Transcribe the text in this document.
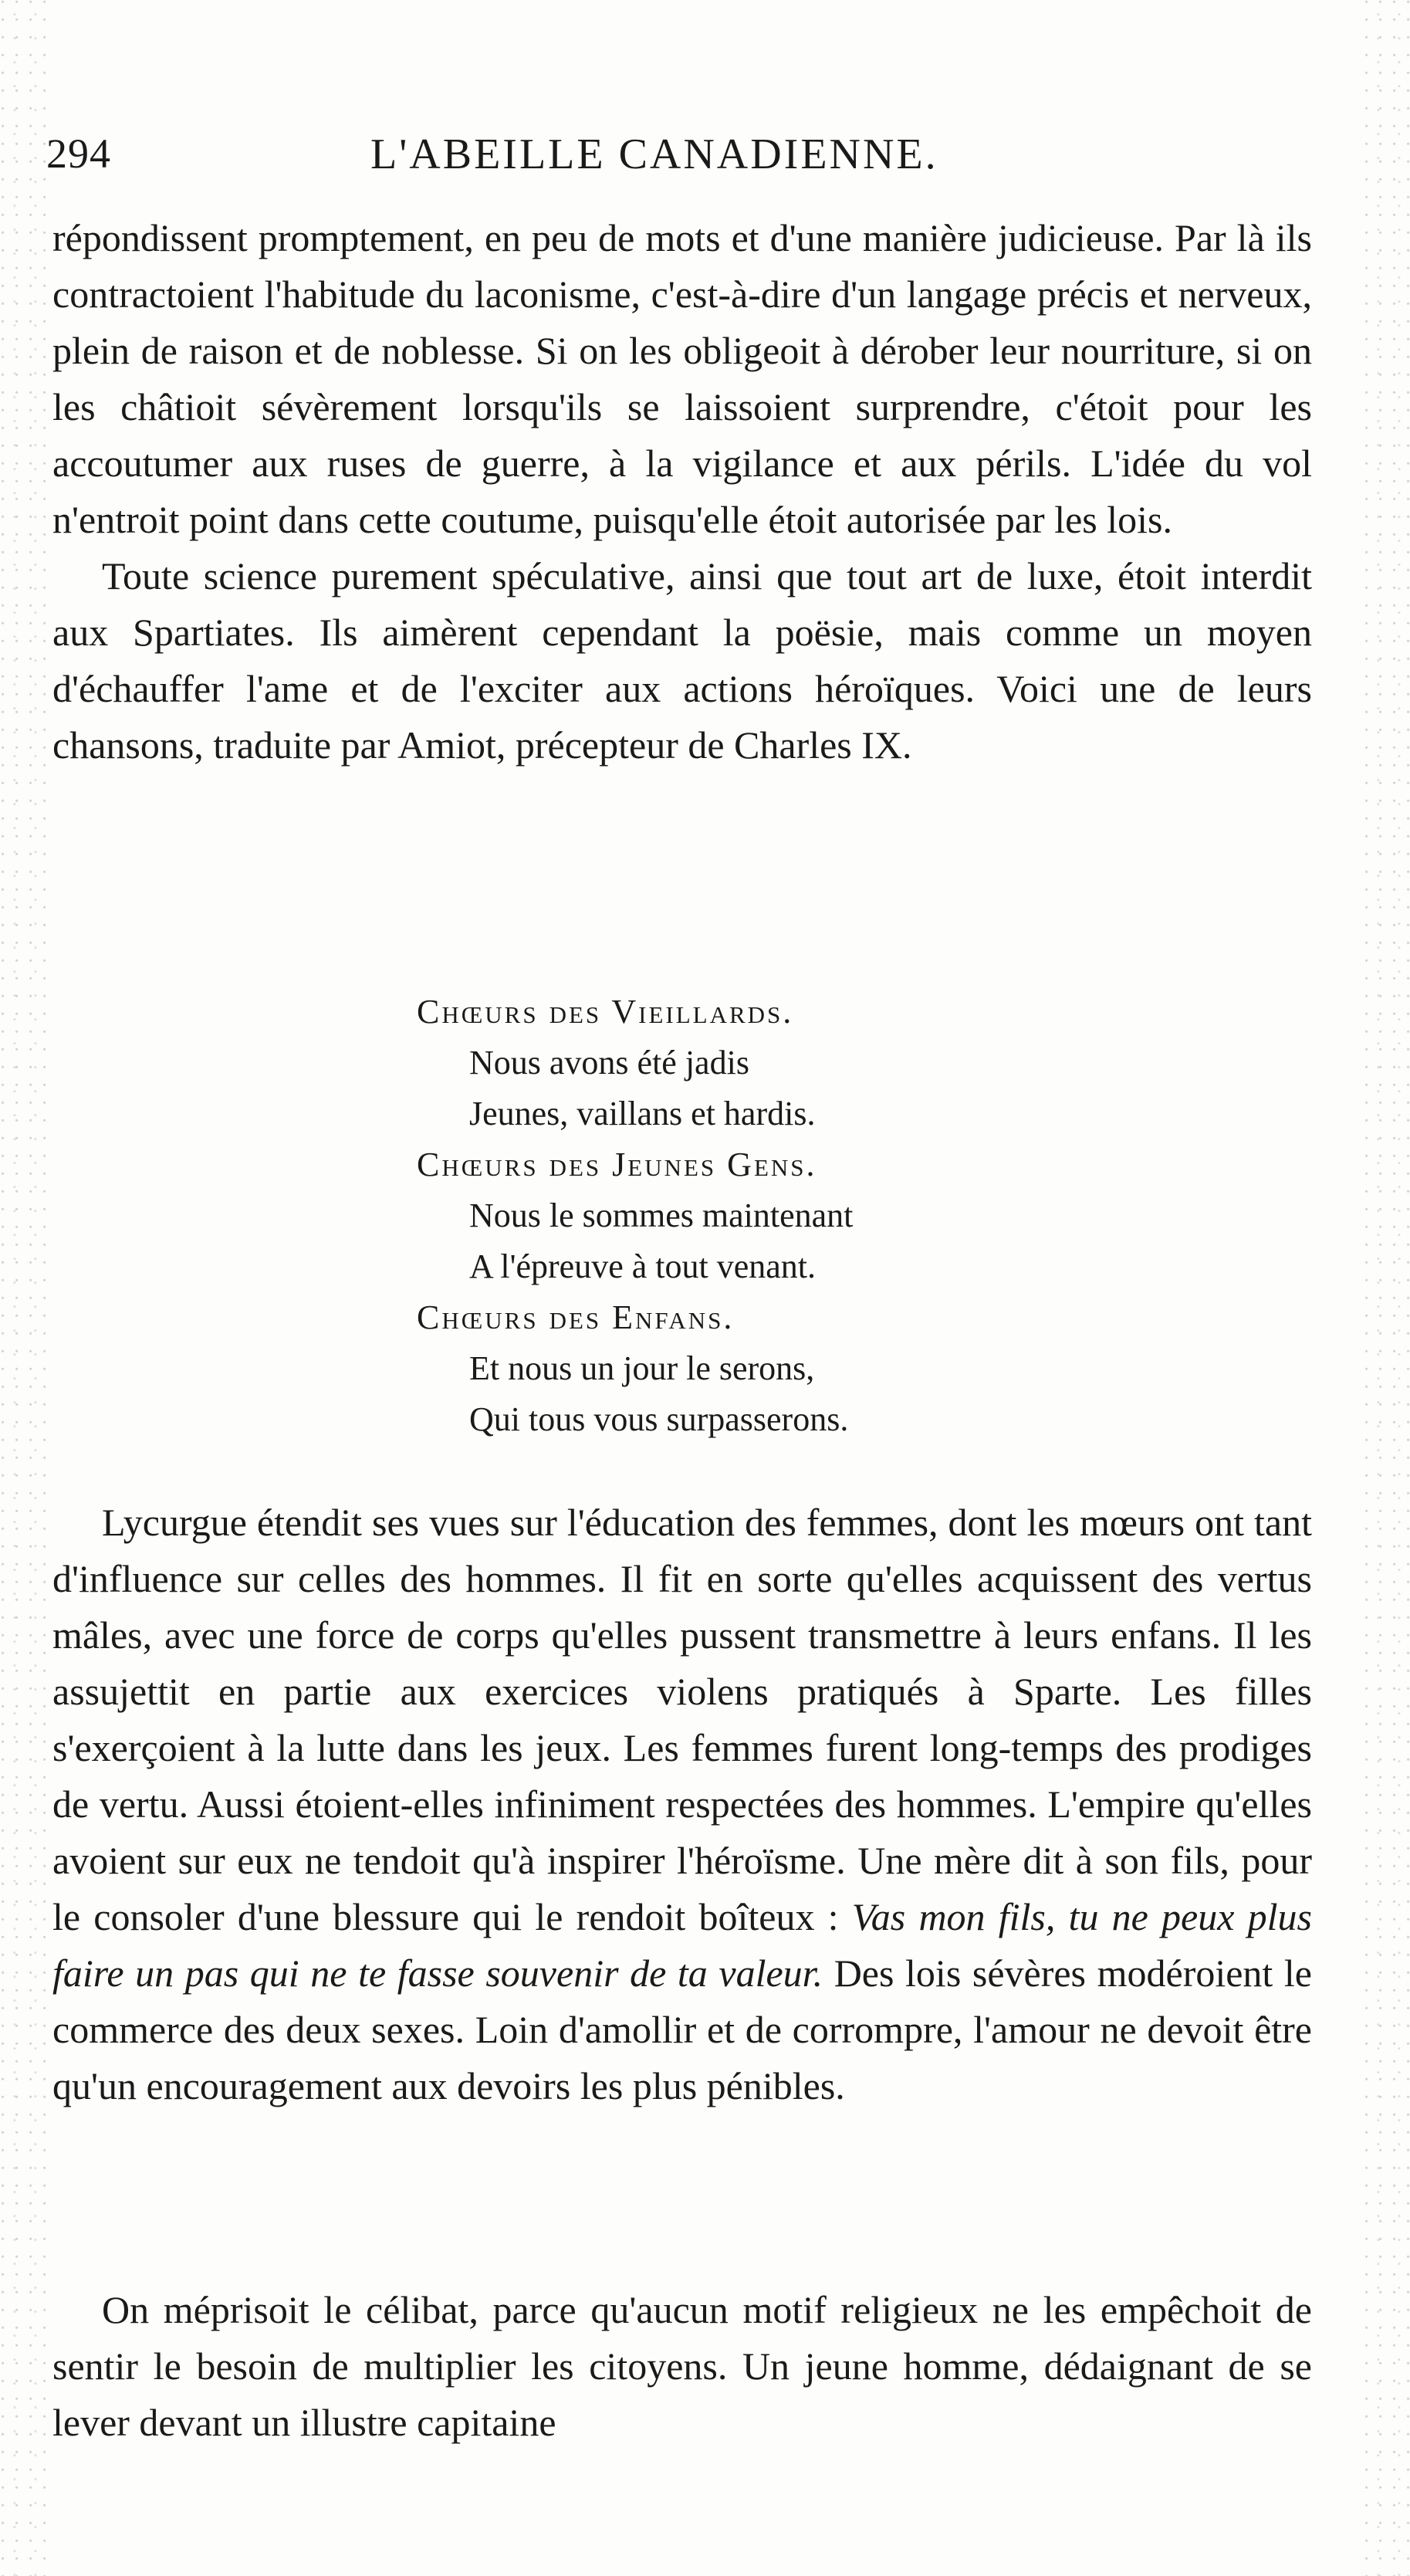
294	L'ABEILLE CANADIENNE.

répondissent promptement, en peu de mots et d'une manière judicieuse. Par là ils contractoient l'habitude du laconisme, c'est-à-dire d'un langage précis et nerveux, plein de raison et de noblesse. Si on les obligeoit à dérober leur nourriture, si on les châtioit sévèrement lorsqu'ils se laissoient surprendre, c'étoit pour les accoutumer aux ruses de guerre, à la vigilance et aux périls. L'idée du vol n'entroit point dans cette coutume, puisqu'elle étoit autorisée par les lois.

Toute science purement spéculative, ainsi que tout art de luxe, étoit interdit aux Spartiates. Ils aimèrent cependant la poësie, mais comme un moyen d'échauffer l'ame et de l'exciter aux actions héroïques. Voici une de leurs chansons, traduite par Amiot, précepteur de Charles IX.

Chœurs des Vieillards.

Nous avons été jadis

Jeunes, vaillans et hardis.

Chœurs des Jeunes Gens.

Nous le sommes maintenant

A l'épreuve à tout venant.

Chœurs des Enfans.

Et nous un jour le serons,

Qui tous vous surpasserons.

Lycurgue étendit ses vues sur l'éducation des femmes, dont les mœurs ont tant d'influence sur celles des hommes. Il fit en sorte qu'elles acquissent des vertus mâles, avec une force de corps qu'elles pussent transmettre à leurs enfans. Il les assujettit en partie aux exercices violens pratiqués à Sparte. Les filles s'exerçoient à la lutte dans les jeux. Les femmes furent long-temps des prodiges de vertu. Aussi étoient-elles infiniment respectées des hommes. L'empire qu'elles avoient sur eux ne tendoit qu'à inspirer l'héroïsme. Une mère dit à son fils, pour le consoler d'une blessure qui le rendoit boîteux : Vas mon fils, tu ne peux plus faire un pas qui ne te fasse souvenir de ta valeur. Des lois sévères modéroient le commerce des deux sexes. Loin d'amollir et de corrompre, l'amour ne devoit être qu'un encouragement aux devoirs les plus pénibles.

On méprisoit le célibat, parce qu'aucun motif religieux ne les empêchoit de sentir le besoin de multiplier les citoyens. Un jeune homme, dédaignant de se lever devant un illustre capitaine
